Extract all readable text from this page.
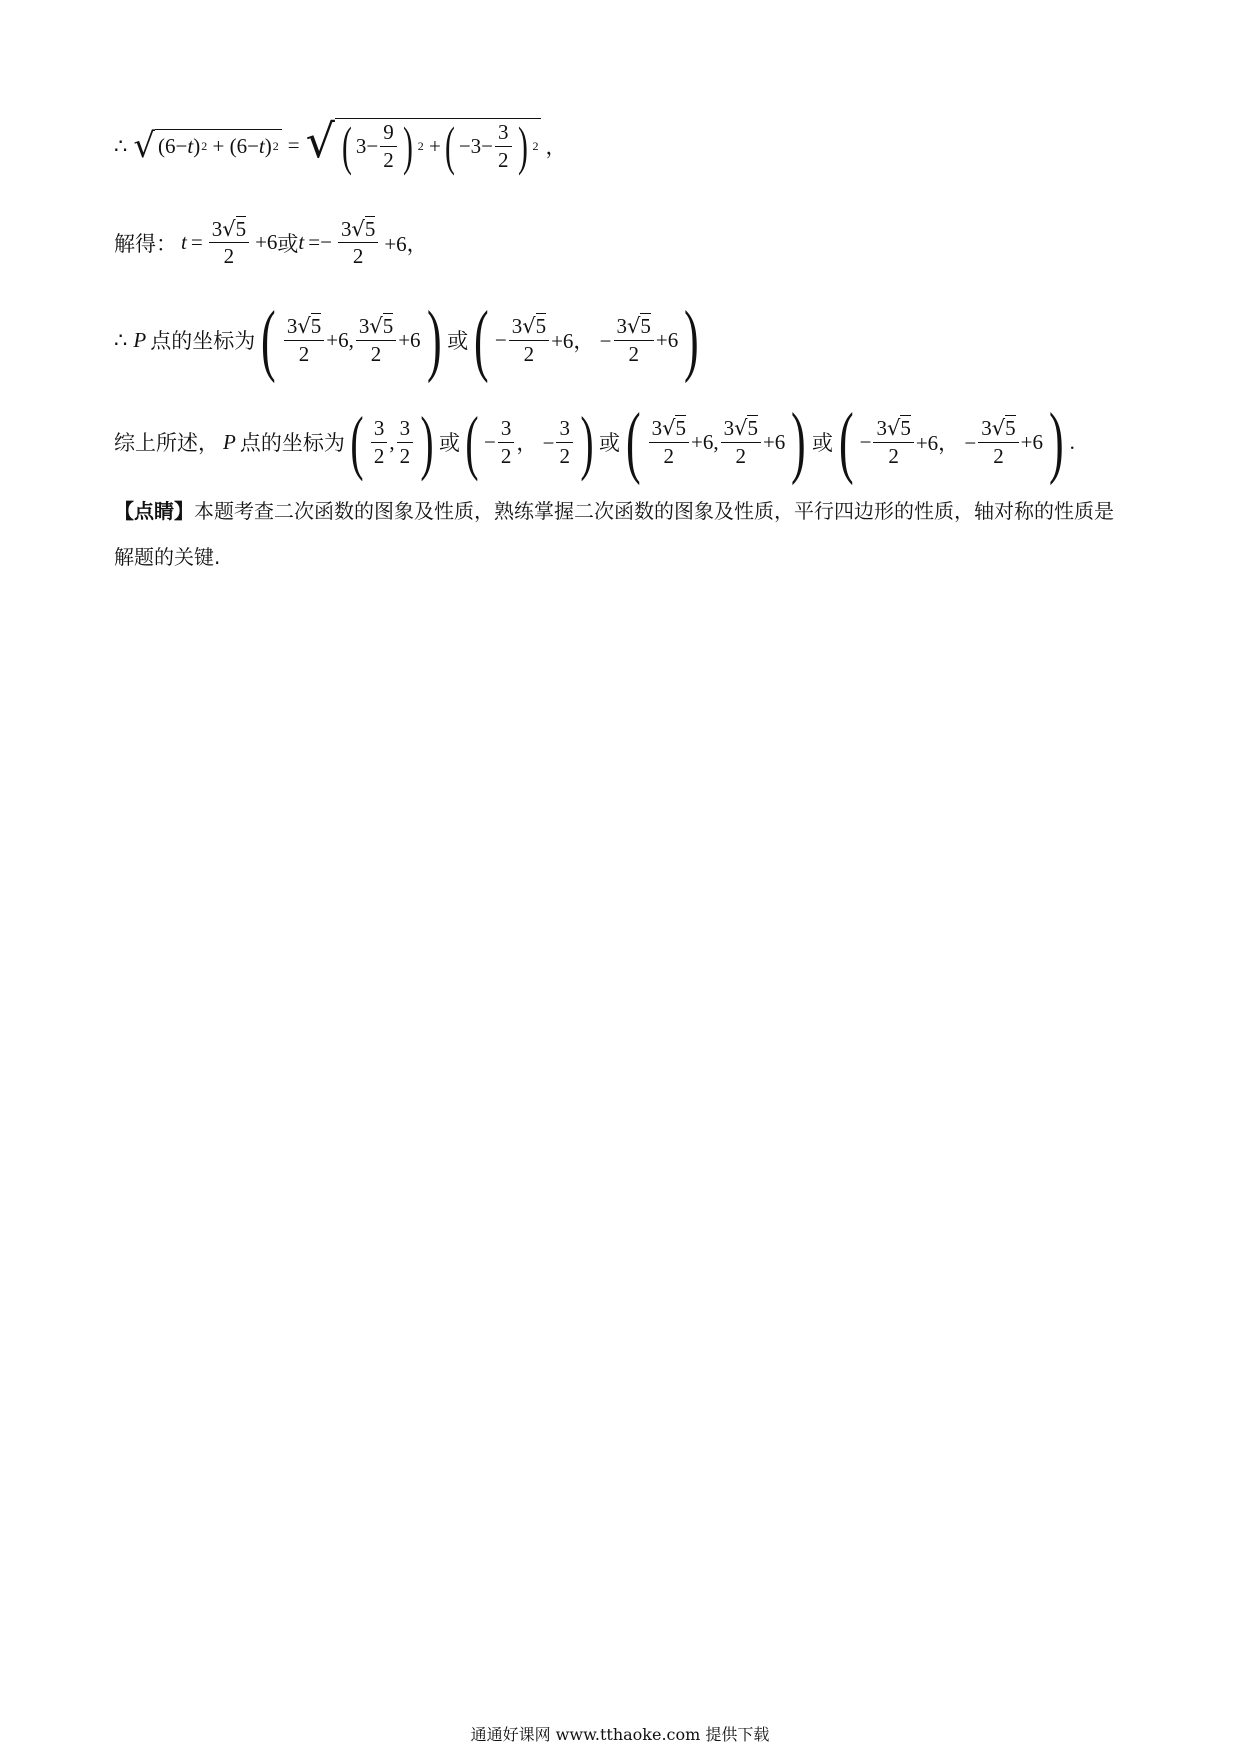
∴ √ (6− t ) 2 + (6− t ) 2 = √ ( $3- \frac{9}{2}$ ) 2 + ( $-3- \frac{3}{2}$ ) 2 ，
解得： $t = \frac{3√5}{2} +6$ 或 $t =- \frac{3√5}{2} +6$，
∴ P 点的坐标为 ( $\frac{3√5}{2} +6$, $\frac{3√5}{2} +6$ ) 或 ( − $\frac{3√5}{2} +6$， − $\frac{3√5}{2} +6$ )
综上所述， P 点的坐标为 ( $\frac{3}{2}$ , $\frac{3}{2}$ ) 或 ( − $\frac{3}{2}$ ， − $\frac{3}{2}$ ) 或 ( $\frac{3√5}{2} +6$, $\frac{3√5}{2} +6$ ) 或 ( − $\frac{3√5}{2} +6$， − $\frac{3√5}{2} +6$ ) .
【点睛】本题考查二次函数的图象及性质，熟练掌握二次函数的图象及性质，平行四边形的性质，轴对称的性质是解题的关键.
通通好课网 www.tthaoke.com 提供下载
